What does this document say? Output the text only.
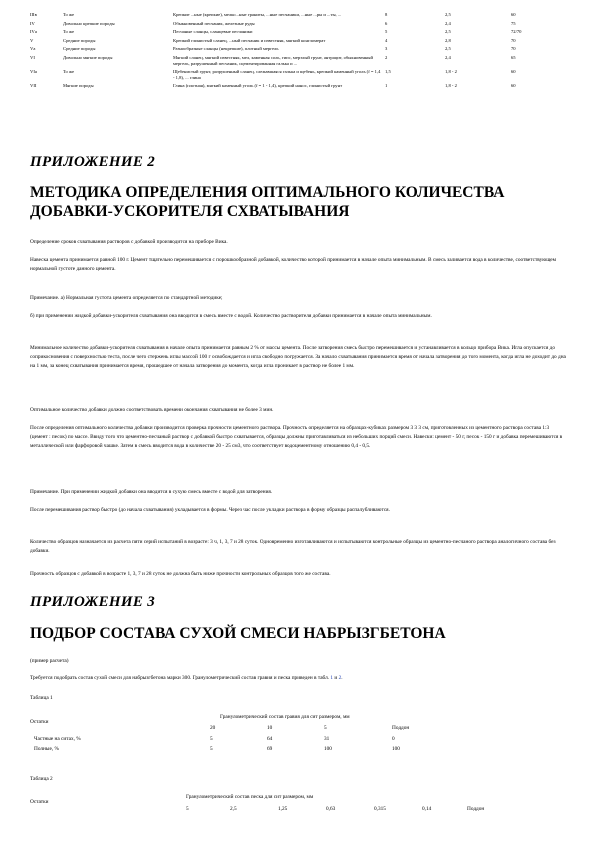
IIIв	То же	Крепкие ...ные (крепкие), мелко...ные граниты, ...ные песчаники, ...ные ...ры и ...ты, ...	8	2,5	60
IV	Довольно крепкие породы	Обыкновенный песчаник, железные руды	6	2,4	75
IVа	То же	Песчаные сланцы, сланцевые песчаники	5	2,5	72/70
V	Средние породы	Крепкий глинистый сланец, ...ный песчаник и известняк, мягкий конгломерат	4	2,8	70
Vа	Средние породы	Разнообразные сланцы (некрепкие), плотный мергель	3	2,5	70
VI	Довольно мягкие породы	Мягкий сланец, мягкий известняк, мел, каменная соль, гипс, мерзлый грунт, антрацит, обыкновенный мергель, разрушенный песчаник, сцементированная галька и ...	2	2,4	65
VIа	То же	Щебенистый грунт, разрушенный сланец, слежавшаяся галька и щебень, крепкий каменный уголь (f = 1,4 - 1,8), ... глина	1,5	1,8 - 2	60
VII	Мягкие породы	Глина (плотная), мягкий каменный уголь (f = 1 - 1,4), крепкий нанос, глинистый грунт	1	1,8 - 2	60
ПРИЛОЖЕНИЕ 2
МЕТОДИКА ОПРЕДЕЛЕНИЯ ОПТИМАЛЬНОГО КОЛИЧЕСТВА ДОБАВКИ-УСКОРИТЕЛЯ СХВАТЫВАНИЯ

Определение сроков схватывания растворов с добавкой производится на приборе Вика.

Навеска цемента принимается равной 100 г. Цемент тщательно перемешивается с порошкообразной добавкой, количество которой принимается в начале опыта минимальным. В смесь заливается вода в количестве, соответствующем нормальной густоте данного цемента.

Примечание. а) Нормальная густота цемента определяется по стандартной методике;

б) при применении жидкой добавки-ускорителя схватывания она вводится в смесь вместе с водой. Количество растворителя добавки принимается в начале опыта минимальным.

Минимальное количество добавки-ускорителя схватывания в начале опыта принимается равным 2 % от массы цемента. После затворения смесь быстро перемешивается и устанавливается в кольцо прибора Вика. Игла опускается до соприкосновения с поверхностью теста, после чего стержень иглы массой 100 г освобождается и игла свободно погружается. За начало схватывания принимается время от начала затворения до того момента, когда игла не доходит до дна на 1 мм, за конец схватывания принимается время, прошедшее от начала затворения до момента, когда игла проникает в раствор не более 1 мм.

Оптимальное количество добавки должно соответствовать времени окончания схватывания не более 3 мин.

После определения оптимального количества добавки производится проверка прочности цементного раствора. Прочность определяется на образцах-кубиках размером 3 3 3 см, приготовленных из цементного раствора состава 1:3 (цемент : песок) по массе. Ввиду того что цементно-песчаный раствор с добавкой быстро схватывается, образцы должны приготавливаться из небольших порций смеси. Навески: цемент - 50 г, песок - 150 г и добавка перемешиваются в металлической или фарфоровой чашке. Затем в смесь вводится вода в количестве 20 - 25 см3, что соответствует водоцементному отношению 0,4 - 0,5.

Примечание. При применении жидкой добавки она вводится в сухую смесь вместе с водой для затворения.

После перемешивания раствор быстро (до начала схватывания) укладывается в формы. Через час после укладки раствора в форму образцы распалубливаются.

Количество образцов назначается из расчета пяти серий испытаний в возрасте: 3 ч, 1, 3, 7 и 28 суток. Одновременно изготавливаются и испытываются контрольные образцы из цементно-песчаного раствора аналогичного состава без добавки.

Прочность образцов с добавкой в возрасте 1, 3, 7 и 28 суток не должна быть ниже прочности контрольных образцов того же состава.

ПРИЛОЖЕНИЕ 3
ПОДБОР СОСТАВА СУХОЙ СМЕСИ НАБРЫЗГБЕТОНА

(пример расчета)

Требуется подобрать состав сухой смеси для набрызгбетона марки 300. Гранулометрический состав гравия и песка приведен в табл. 1 и 2.

Таблица 1

Остатки	Гранулометрический состав гравия для сит размером, мм			
	20	10	5	Поддон
Частные на ситах, %	5	64	31	0
Полные, %	5	69	100	100

Таблица 2

Остатки	Гранулометрический состав песка для сит размером, мм						
	5	2,5	1,25	0,63	0,315	0,14	Поддон
